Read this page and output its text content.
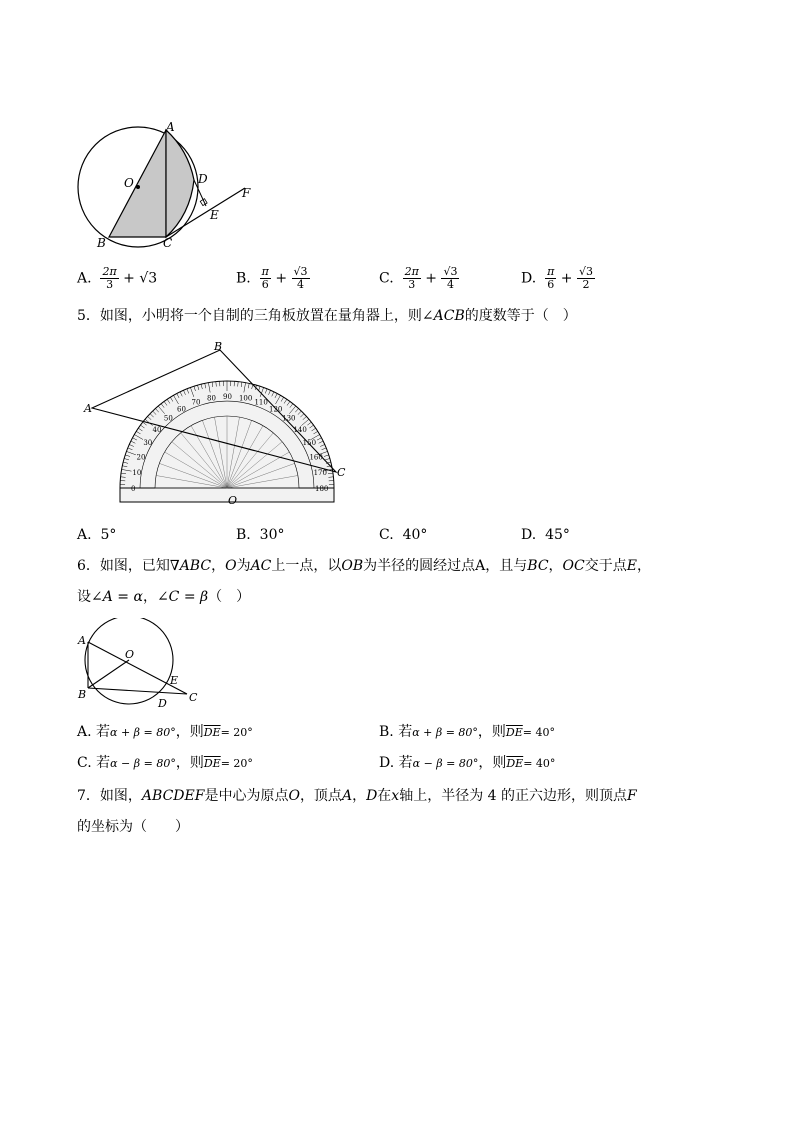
A
O	D
F
E
B	C
A. $\frac{2\pi}{3} + √3$	B. $\frac{\pi}{6} + \frac{√3}{4}$	C. $\frac{2\pi}{3} + \frac{√3}{4}$	D. $\frac{\pi}{6} + \frac{√3}{2}$
5．如图，小明将一个自制的三角板放置在量角器上，则∠ACB的度数等于（　）
0
10
20
30
40
50
60
70
80 90 100
110
120
130
140
150
160
170
180
B
A
C
O
A. 5°	B. 30°	C. 40°	D. 45°
6．如图，已知∇ABC，O为AC上一点，以OB为半径的圆经过点A，且与BC，OC交于点E，
设∠A = α，∠C = β（　）
A
O
B
E
D C
A. 若α + β = 80°，则$\overline{DE}= 20^\circ$	B. 若α + β = 80°，则$\overline{DE}= 40^\circ$
C. 若α − β = 80°，则$\overline{DE}= 20^\circ$	D. 若α − β = 80°，则$\overline{DE}= 40^\circ$
7．如图，ABCDEF是中心为原点O，顶点A，D在x轴上，半径为 4 的正六边形，则顶点F
的坐标为（　　）
